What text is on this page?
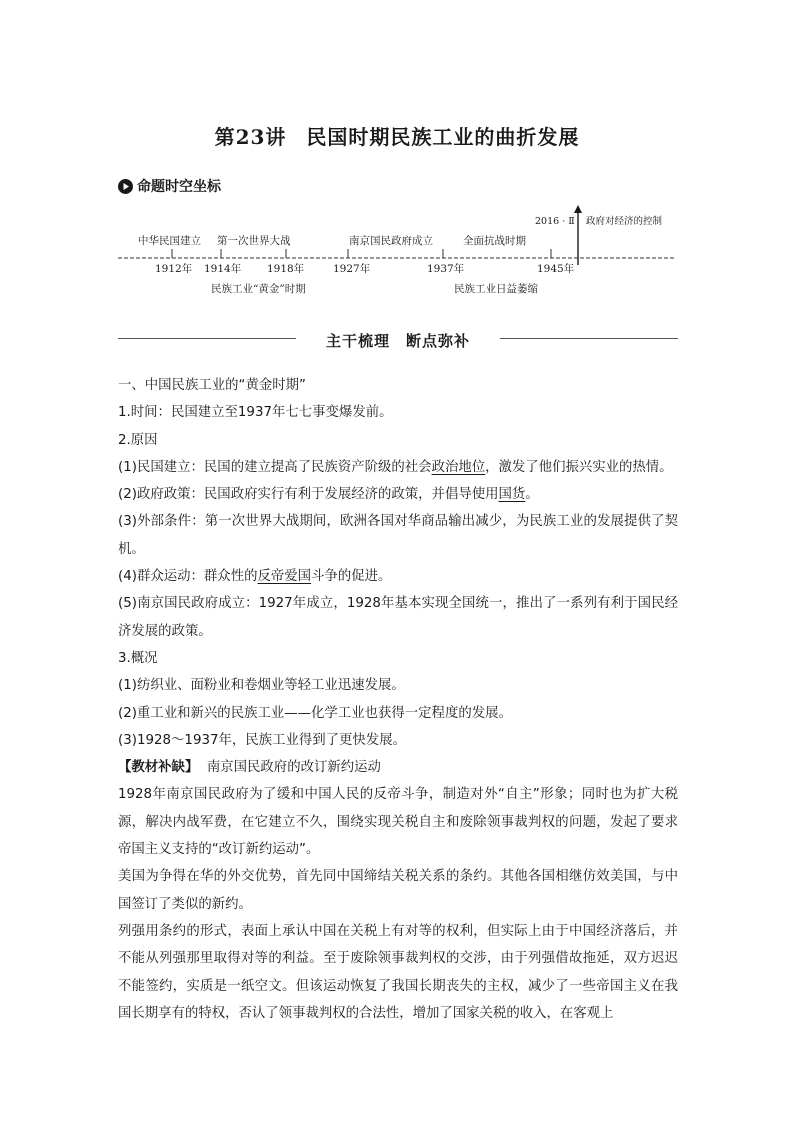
第23讲 民国时期民族工业的曲折发展
命题时空坐标
中华民国建立 第一次世界大战	南京国民政府成立	全面抗战时期
1912年 1914年 1918年	1927年	1937年	1945年
民族工业“黄金”时期	民族工业日益萎缩
2016 · Ⅱ 政府对经济的控制
主干梳理 断点弥补

一、中国民族工业的“黄金时期”

1.时间：民国建立至1937年七七事变爆发前。

2.原因

(1)民国建立：民国的建立提高了民族资产阶级的社会政治地位，激发了他们振兴实业的热情。

(2)政府政策：民国政府实行有利于发展经济的政策，并倡导使用国货。

(3)外部条件：第一次世界大战期间，欧洲各国对华商品输出减少，为民族工业的发展提供了契机。

(4)群众运动：群众性的反帝爱国斗争的促进。

(5)南京国民政府成立：1927年成立，1928年基本实现全国统一，推出了一系列有利于国民经济发展的政策。

3.概况

(1)纺织业、面粉业和卷烟业等轻工业迅速发展。

(2)重工业和新兴的民族工业——化学工业也获得一定程度的发展。

(3)1928～1937年，民族工业得到了更快发展。

【教材补缺】 南京国民政府的改订新约运动

1928年南京国民政府为了缓和中国人民的反帝斗争，制造对外“自主”形象；同时也为扩大税源，解决内战军费，在它建立不久，围绕实现关税自主和废除领事裁判权的问题，发起了要求帝国主义支持的“改订新约运动”。

美国为争得在华的外交优势，首先同中国缔结关税关系的条约。其他各国相继仿效美国，与中国签订了类似的新约。

列强用条约的形式，表面上承认中国在关税上有对等的权利，但实际上由于中国经济落后，并不能从列强那里取得对等的利益。至于废除领事裁判权的交涉，由于列强借故拖延，双方迟迟不能签约，实质是一纸空文。但该运动恢复了我国长期丧失的主权，减少了一些帝国主义在我国长期享有的特权，否认了领事裁判权的合法性，增加了国家关税的收入，在客观上
